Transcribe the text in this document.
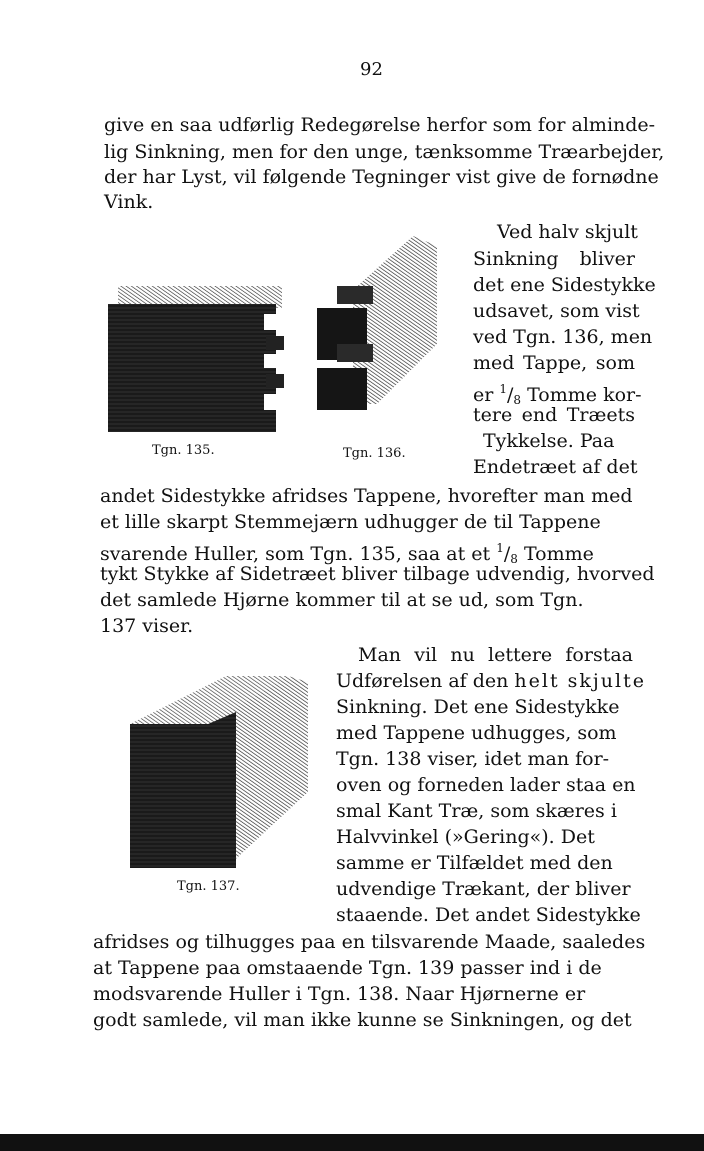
92
give en saa udførlig Redegørelse herfor som for alminde-
lig Sinkning, men for den unge, tænksomme Træarbejder,
der har Lyst, vil følgende Tegninger vist give de fornødne
Vink.
Ved halv skjult
Sinkning bliver
det ene Sidestykke
udsavet, som vist
ved Tgn. 136, men
med Tappe, som
er $^1/_8$ Tomme kor-
tere end Træets
Tykkelse. Paa
Endetræet af det
Tgn. 135.	Tgn. 136.
andet Sidestykke afridses Tappene, hvorefter man med
et lille skarpt Stemmejærn udhugger de til Tappene
svarende Huller, som Tgn. 135, saa at et $^1/_8$ Tomme
tykt Stykke af Sidetræet bliver tilbage udvendig, hvorved
det samlede Hjørne kommer til at se ud, som Tgn.
137 viser.
Man vil nu lettere forstaa
Udførelsen af den helt skjulte
Sinkning. Det ene Sidestykke
med Tappene udhugges, som
Tgn. 138 viser, idet man for-
oven og forneden lader staa en
smal Kant Træ, som skæres i
Halvvinkel (»Gering«). Det
samme er Tilfældet med den
udvendige Trækant, der bliver
staaende. Det andet Sidestykke
Tgn. 137.
afridses og tilhugges paa en tilsvarende Maade, saaledes
at Tappene paa omstaaende Tgn. 139 passer ind i de
modsvarende Huller i Tgn. 138. Naar Hjørnerne er
godt samlede, vil man ikke kunne se Sinkningen, og det
